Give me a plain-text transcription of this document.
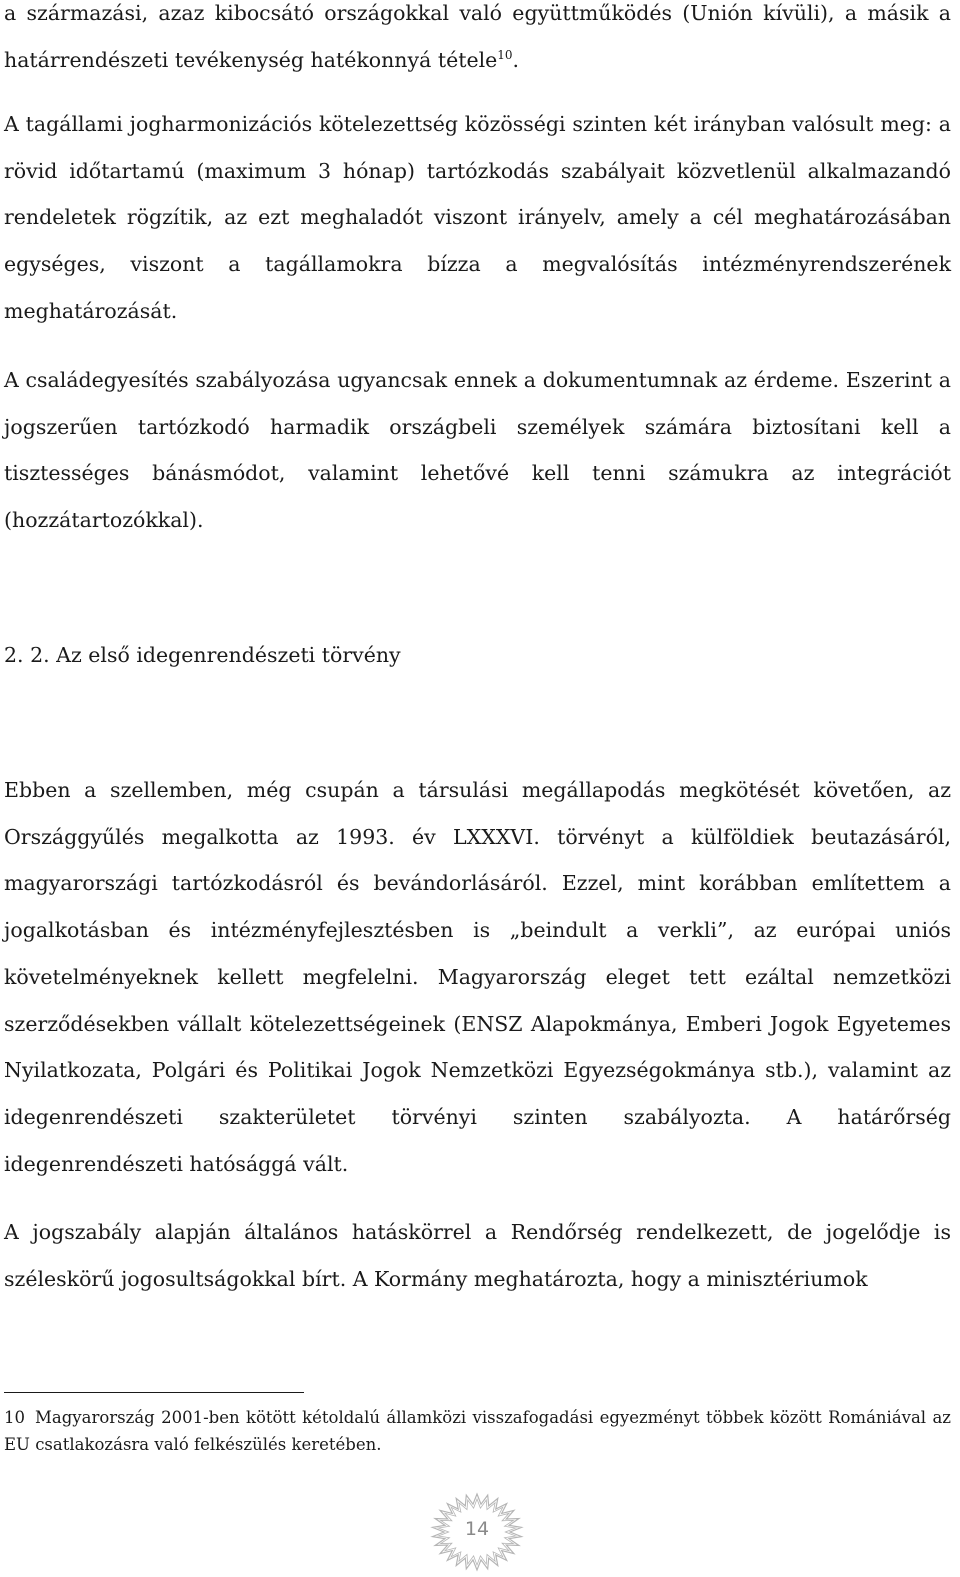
a származási, azaz kibocsátó országokkal való együttműködés (Unión kívüli), a másik a határrendészeti tevékenység hatékonnyá tétele$^{10}$.

A tagállami jogharmonizációs kötelezettség közösségi szinten két irányban valósult meg: a rövid időtartamú (maximum 3 hónap) tartózkodás szabályait közvetlenül alkalmazandó rendeletek rögzítik, az ezt meghaladót viszont irányelv, amely a cél meghatározásában egységes, viszont a tagállamokra bízza a megvalósítás intézményrendszerének meghatározását.

A családegyesítés szabályozása ugyancsak ennek a dokumentumnak az érdeme. Eszerint a jogszerűen tartózkodó harmadik országbeli személyek számára biztosítani kell a tisztességes bánásmódot, valamint lehetővé kell tenni számukra az integrációt (hozzátartozókkal).

2. 2. Az első idegenrendészeti törvény

Ebben a szellemben, még csupán a társulási megállapodás megkötését követően, az Országgyűlés megalkotta az 1993. év LXXXVI. törvényt a külföldiek beutazásáról, magyarországi tartózkodásról és bevándorlásáról. Ezzel, mint korábban említettem a jogalkotásban és intézményfejlesztésben is „beindult a verkli”, az európai uniós követelményeknek kellett megfelelni. Magyarország eleget tett ezáltal nemzetközi szerződésekben vállalt kötelezettségeinek (ENSZ Alapokmánya, Emberi Jogok Egyetemes Nyilatkozata, Polgári és Politikai Jogok Nemzetközi Egyezségokmánya stb.), valamint az idegenrendészeti szakterületet törvényi szinten szabályozta. A határőrség idegenrendészeti hatósággá vált.

A jogszabály alapján általános hatáskörrel a Rendőrség rendelkezett, de jogelődje is széleskörű jogosultságokkal bírt. A Kormány meghatározta, hogy a minisztériumok

10 Magyarország 2001-ben kötött kétoldalú államközi visszafogadási egyezményt többek között Romániával az EU csatlakozásra való felkészülés keretében.

14
